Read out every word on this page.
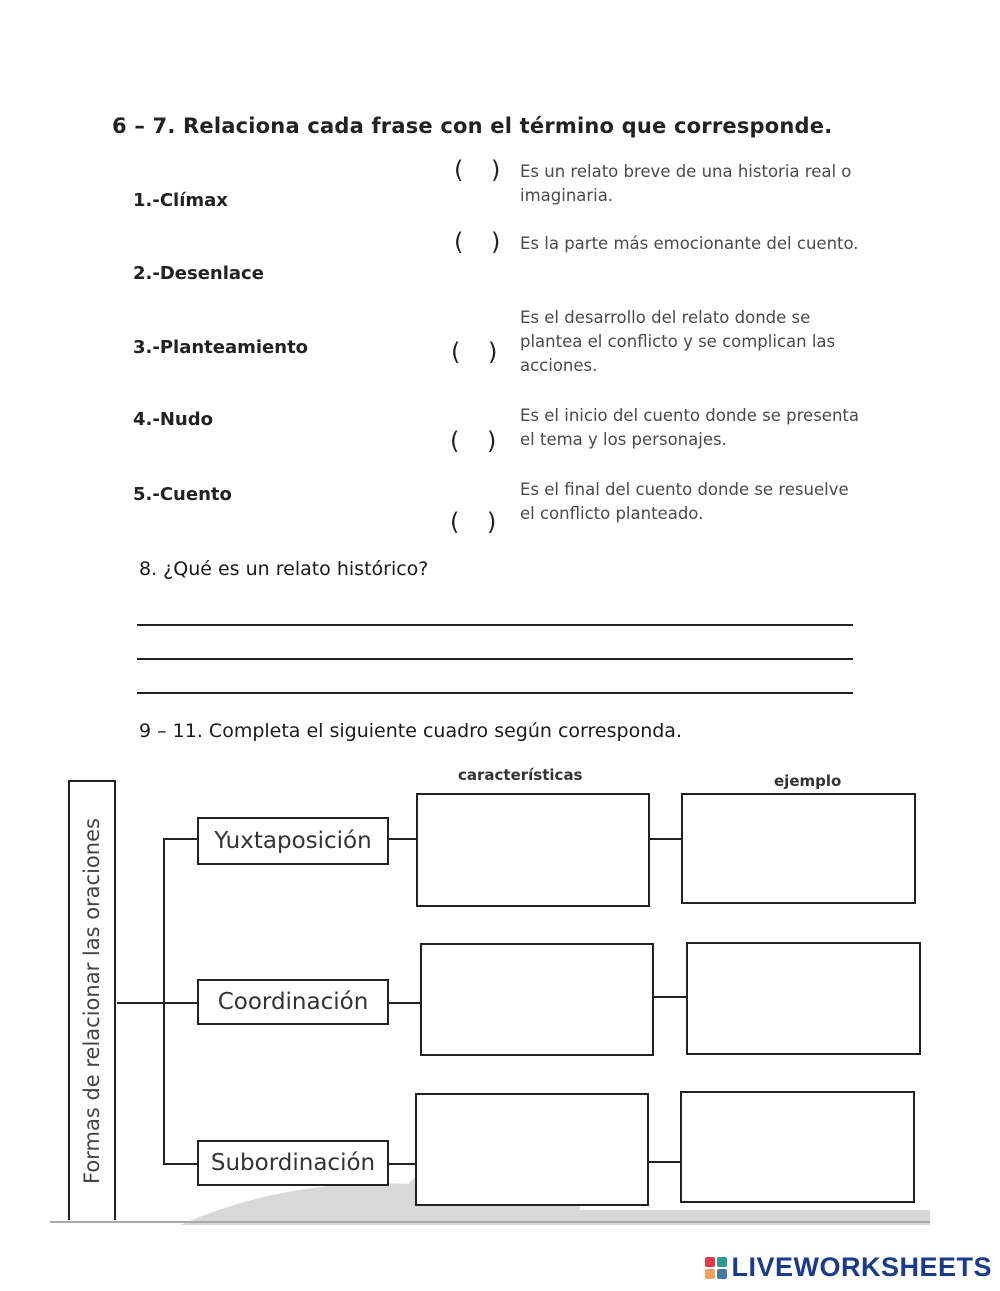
6 – 7. Relaciona cada frase con el término que corresponde.
1.-Clímax
2.-Desenlace
3.-Planteamiento
4.-Nudo
5.-Cuento
( )
( )
( )
( )
( )
Es un relato breve de una historia real o imaginaria.
Es la parte más emocionante del cuento.
Es el desarrollo del relato donde se plantea el conflicto y se complican las acciones.
Es el inicio del cuento donde se presenta el tema y los personajes.
Es el final del cuento donde se resuelve el conflicto planteado.
8. ¿Qué es un relato histórico?
9 – 11. Completa el siguiente cuadro según corresponda.
características	ejemplo
Formas de relacionar las oraciones	Yuxtaposición
Coordinación
Subordinación
LIVEWORKSHEETS
